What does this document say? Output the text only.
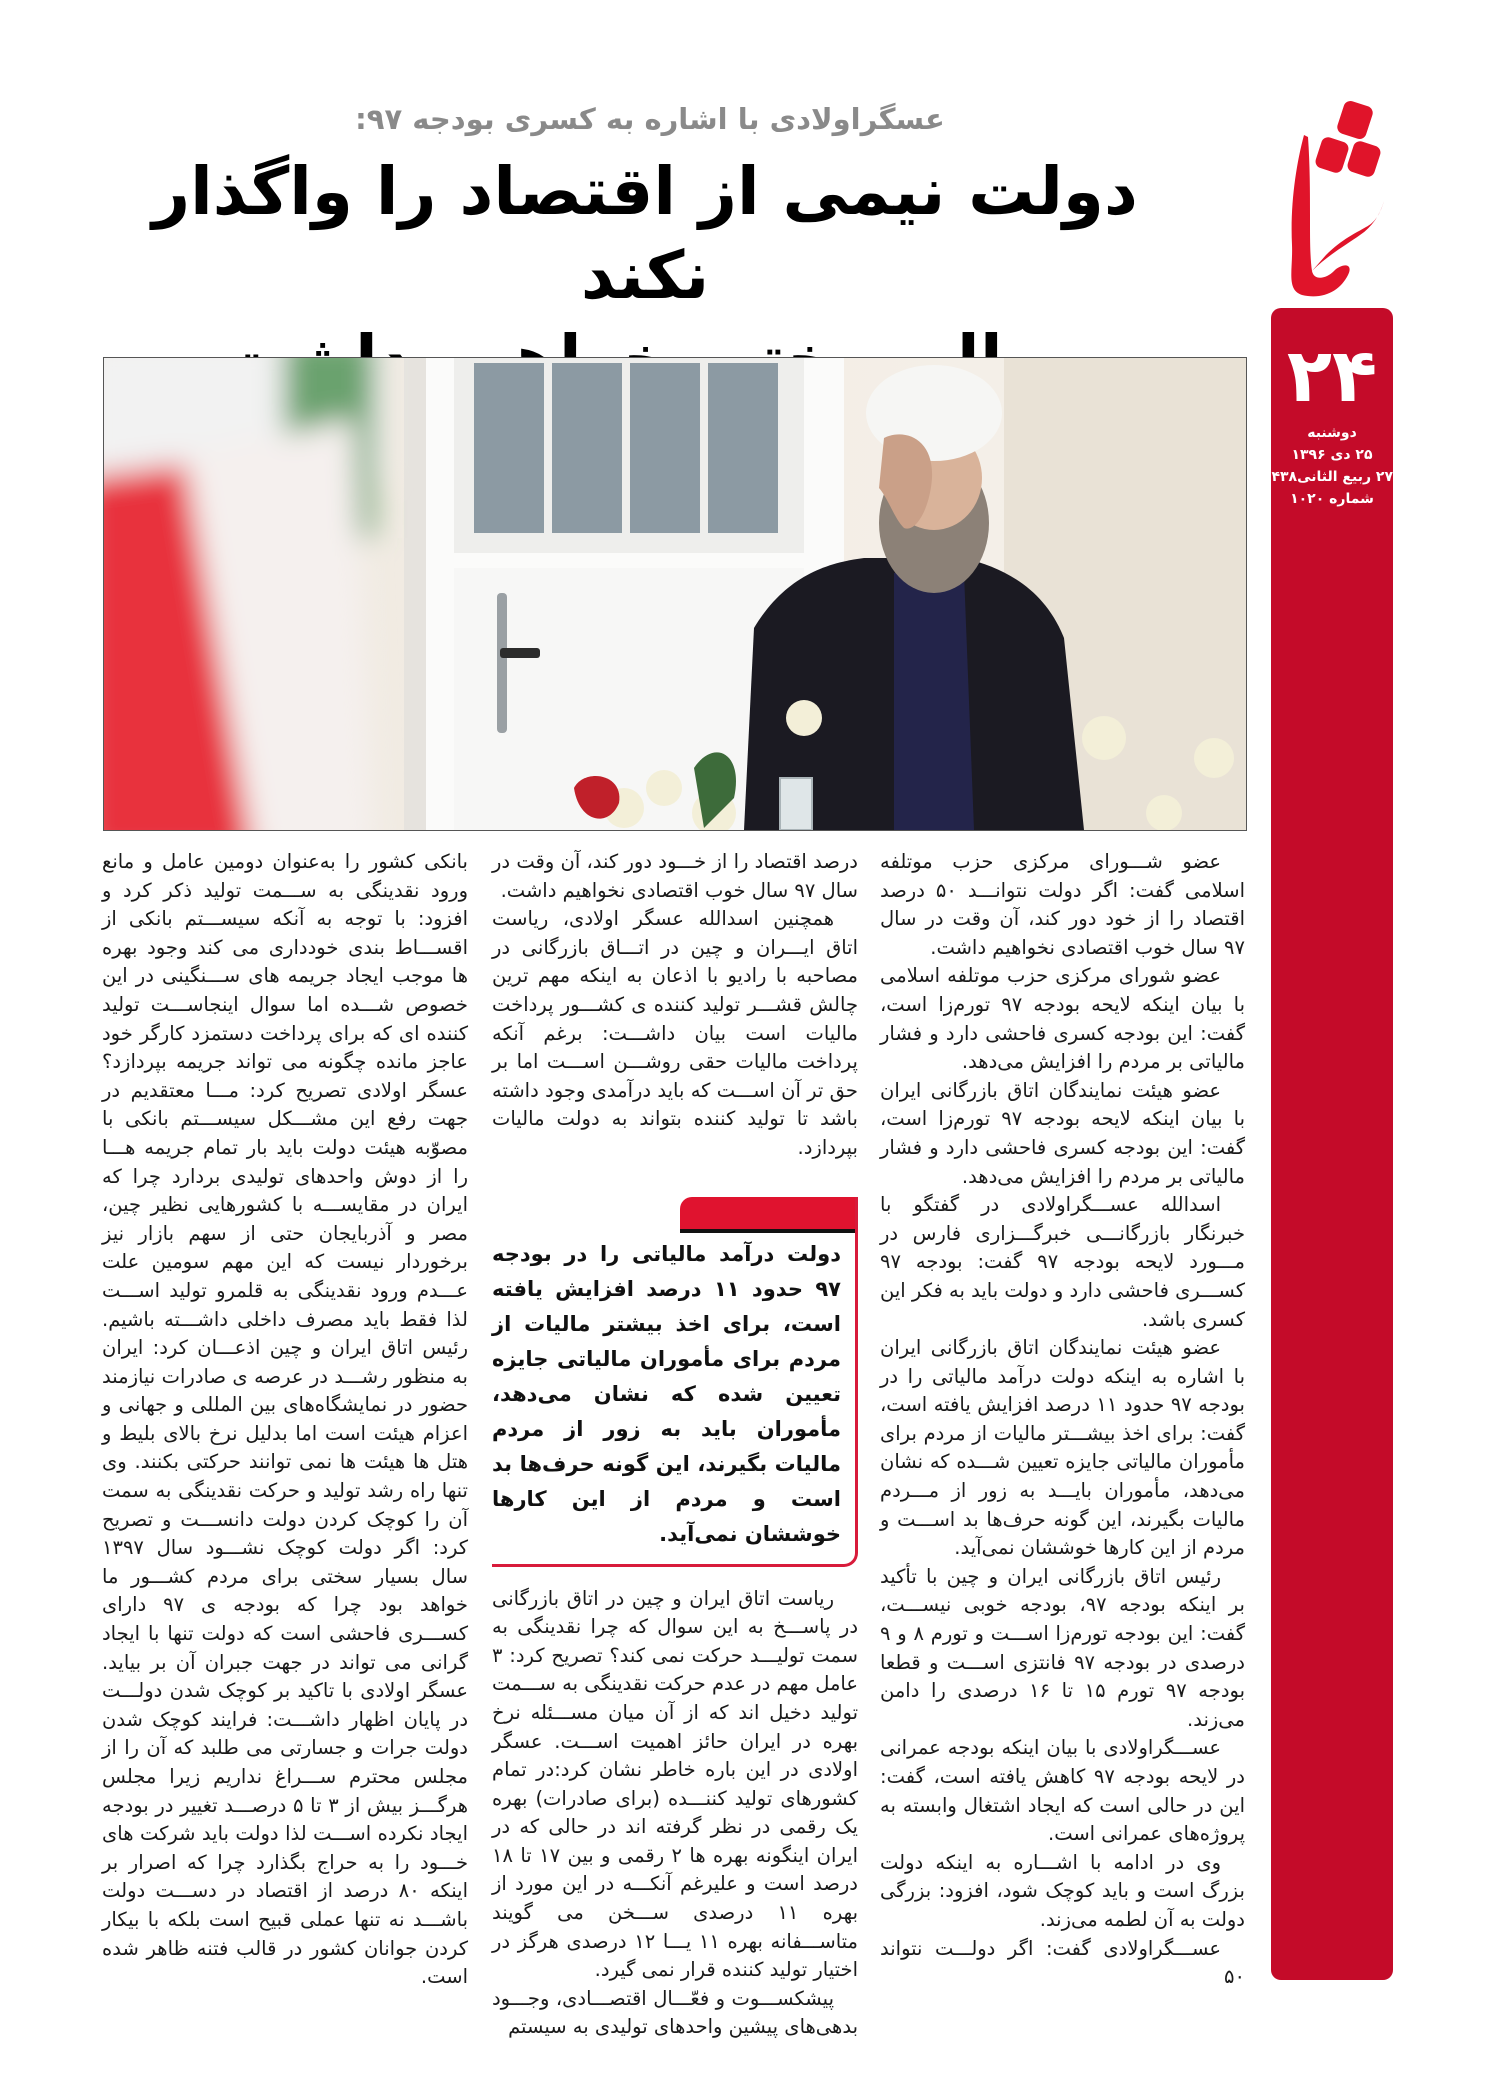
عسگراولادی با اشاره به کسری بودجه ۹۷:
دولت نیمی از اقتصاد را واگذار نکند
۲۴
دوشنبه
۲۵ دی ۱۳۹۶
۲۷ ربیع الثانی۱۴۳۸
شماره ۱۰۲۰

عضو شـــورای مرکزی حزب موتلفه اسلامی گفت: اگر دولت نتوانـــد ۵۰ درصد اقتصاد را از خود دور کند، آن وقت در سال ۹۷ سال خوب اقتصادی نخواهیم داشت.

عضو شورای مرکزی حزب موتلفه اسلامی با بیان اینکه لایحه بودجه ۹۷ تورم‌زا است، گفت: این بودجه کسری فاحشی دارد و فشار مالیاتی بر مردم را افزایش می‌دهد.

عضو هیئت نمایندگان اتاق بازرگانی ایران با بیان اینکه لایحه بودجه ۹۷ تورم‌زا است، گفت: این بودجه کسری فاحشی دارد و فشار مالیاتی بر مردم را افزایش می‌دهد.

اسدالله عســـگراولادی در گفتگو با خبرنگار بازرگانـــی خبرگـــزاری فارس در مـــورد لایحه بودجه ۹۷ گفت: بودجه ۹۷ کســـری فاحشی دارد و دولت باید به فکر این کسری باشد.

عضو هیئت نمایندگان اتاق بازرگانی ایران با اشاره به اینکه دولت درآمد مالیاتی را در بودجه ۹۷ حدود ۱۱ درصد افزایش یافته است، گفت: برای اخذ بیشـــتر مالیات از مردم برای مأموران مالیاتی جایزه تعیین شـــده که نشان می‌دهد، مأموران بایـــد به زور از مـــردم مالیات بگیرند، این گونه حرف‌ها بد اســـت و مردم از این کارها خوششان نمی‌آید.

رئیس اتاق بازرگانی ایران و چین با تأکید بر اینکه بودجه ۹۷، بودجه خوبی نیســـت، گفت: این بودجه تورم‌زا اســـت و تورم ۸ و ۹ درصدی در بودجه ۹۷ فانتزی اســـت و قطعا بودجه ۹۷ تورم ۱۵ تا ۱۶ درصدی را دامن می‌زند.

عســـگراولادی با بیان اینکه بودجه عمرانی در لایحه بودجه ۹۷ کاهش یافته است، گفت: این در حالی است که ایجاد اشتغال وابسته به پروژه‌های عمرانی است.

وی در ادامه با اشـــاره به اینکه دولت بزرگ است و باید کوچک شود، افزود: بزرگی دولت به آن لطمه می‌زند.

عســـگراولادی گفت: اگر دولـــت نتواند ۵۰

درصد اقتصاد را از خـــود دور کند، آن وقت در سال ۹۷ سال خوب اقتصادی نخواهیم داشت.

همچنین اسدالله عسگر اولادی، ریاست اتاق ایـــران و چین در اتـــاق بازرگانی در مصاحبه با رادیو با اذعان به اینکه مهم ترین چالش قشـــر تولید کننده ی کشـــور پرداخت مالیات است بیان داشـــت: برغم آنکه پرداخت مالیات حقی روشـــن اســـت اما بر حق تر آن اســـت که باید درآمدی وجود داشته باشد تا تولید کننده بتواند به دولت مالیات بپردازد.

دولت درآمد مالیاتی را در بودجه ۹۷ حدود ۱۱ درصد افزایش یافته است، برای اخذ بیشتر مالیات از مردم برای مأموران مالیاتی جایزه تعیین شده که نشان می‌دهد، مأموران باید به زور از مردم مالیات بگیرند، این گونه حرف‌ها بد است و مردم از این کارها خوششان نمی‌آید.

ریاست اتاق ایران و چین در اتاق بازرگانی در پاســـخ به این سوال که چرا نقدینگی به سمت تولیـــد حرکت نمی کند؟ تصریح کرد: ۳ عامل مهم در عدم حرکت نقدینگی به ســـمت تولید دخیل اند که از آن میان مســـئله نرخ بهره در ایران حائز اهمیت اســـت. عسگر اولادی در این باره خاطر نشان کرد:در تمام کشورهای تولید کننـــده (برای صادرات) بهره یک رقمی در نظر گرفته اند در حالی که در ایران اینگونه بهره ها ۲ رقمی و بین ۱۷ تا ۱۸ درصد است و علیرغم آنکـــه در این مورد از بهره ۱۱ درصدی ســـخن می گویند متاســـفانه بهره ۱۱ یـــا ۱۲ درصدی هرگز در اختیار تولید کننده قرار نمی گیرد.

پیشکســـوت و فعّـــال اقتصـــادی، وجـــود بدهی‌های پیشین واحدهای تولیدی به سیستم

بانکی کشور را به‌عنوان دومین عامل و مانع ورود نقدینگی به ســـمت تولید ذکر کرد و افزود: با توجه به آنکه سیســـتم بانکی از اقســـاط بندی خودداری می کند وجود بهره ها موجب ایجاد جریمه های ســـنگینی در این خصوص شـــده اما سوال اینجاســـت تولید کننده ای که برای پرداخت دستمزد کارگر خود عاجز مانده چگونه می تواند جریمه بپردازد؟ عسگر اولادی تصریح کرد: مـــا معتقدیم در جهت رفع این مشـــکل سیســـتم بانکی با مصوّبه هیئت دولت باید بار تمام جریمه هـــا را از دوش واحدهای تولیدی بردارد چرا که ایران در مقایســـه با کشورهایی نظیر چین، مصر و آذربایجان حتی از سهم بازار نیز برخوردار نیست که این مهم سومین علت عـــدم ورود نقدینگی به قلمرو تولید اســـت لذا فقط باید مصرف داخلی داشـــته باشیم. رئیس اتاق ایران و چین اذعـــان کرد: ایران به منظور رشـــد در عرصه ی صادرات نیازمند حضور در نمایشگاه‌های بین المللی و جهانی و اعزام هیئت است اما بدلیل نرخ بالای بلیط و هتل ها هیئت ها نمی توانند حرکتی بکنند. وی تنها راه رشد تولید و حرکت نقدینگی به سمت آن را کوچک کردن دولت دانســـت و تصریح کرد: اگر دولت کوچک نشـــود سال ۱۳۹۷ سال بسیار سختی برای مردم کشـــور ما خواهد بود چرا که بودجه ی ۹۷ دارای کســـری فاحشی است که دولت تنها با ایجاد گرانی می تواند در جهت جبران آن بر بیاید. عسگر اولادی با تاکید بر کوچک شدن دولـــت در پایان اظهار داشـــت: فرایند کوچک شدن دولت جرات و جسارتی می طلبد که آن را از مجلس محترم ســـراغ نداریم زیرا مجلس هرگـــز بیش از ۳ تا ۵ درصـــد تغییر در بودجه ایجاد نکرده اســـت لذا دولت باید شرکت های خـــود را به حراج بگذارد چرا که اصرار بر اینکه ۸۰ درصد از اقتصاد در دســـت دولت باشـــد نه تنها عملی قبیح است بلکه با بیکار کردن جوانان کشور در قالب فتنه ظاهر شده است.
